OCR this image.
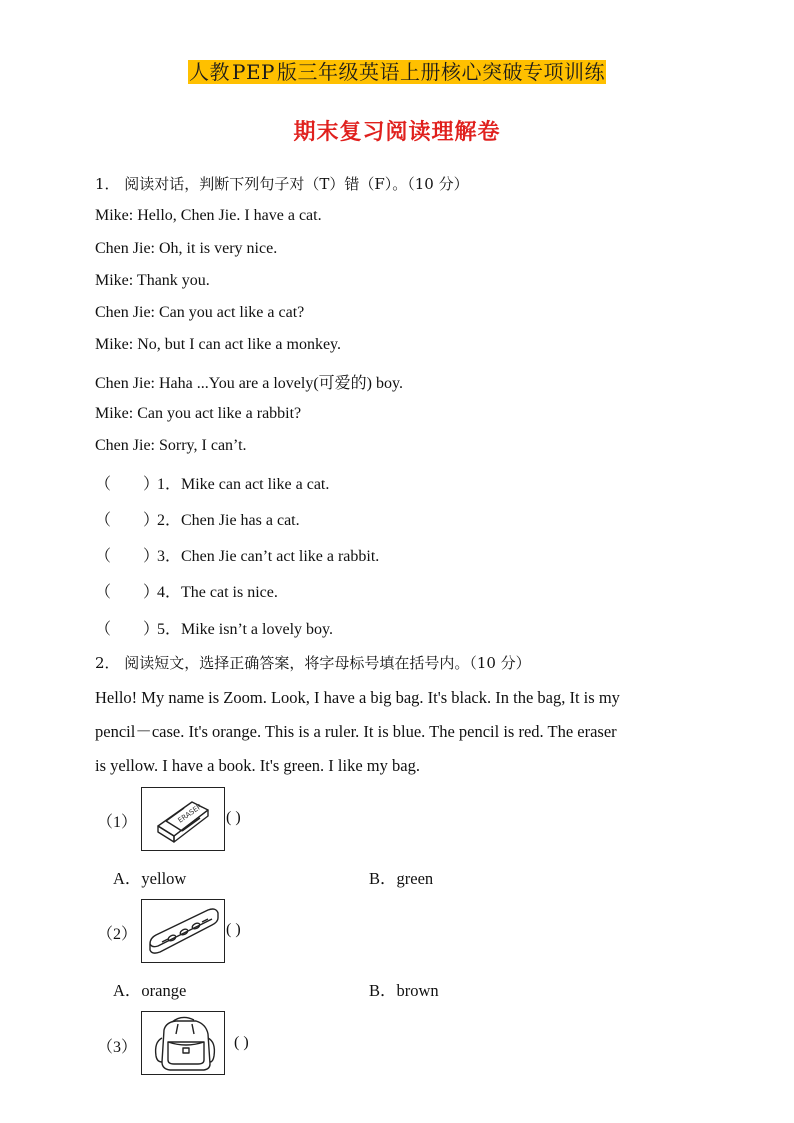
人教 PEP 版三年级英语上册核心突破专项训练
期末复习阅读理解卷
1． 阅读对话，判断下列句子对（T）错（F）。（10 分）
Mike: Hello, Chen Jie. I have a cat.
Chen Jie: Oh, it is very nice.
Mike: Thank you.
Chen Jie: Can you act like a cat?
Mike: No, but I can act like a monkey.
Chen Jie: Haha ...You are a lovely(可爱的) boy.
Mike: Can you act like a rabbit?
Chen Jie: Sorry, I can’t.
（ ）1．Mike can act like a cat.
（ ）2．Chen Jie has a cat.
（ ）3．Chen Jie can’t act like a rabbit.
（ ）4．The cat is nice.
（ ）5．Mike isn’t a lovely boy.
2． 阅读短文，选择正确答案，将字母标号填在括号内。（10 分）
Hello! My name is Zoom. Look, I have a big bag. It's black. In the bag, It is my
pencil－case. It's orange. This is a ruler. It is blue. The pencil is red. The eraser
is yellow. I have a book. It's green. I like my bag.
（1）	ERASER ( )
A．yellow	B．green
（2）	( )
A．orange	B．brown
（3）	( )
